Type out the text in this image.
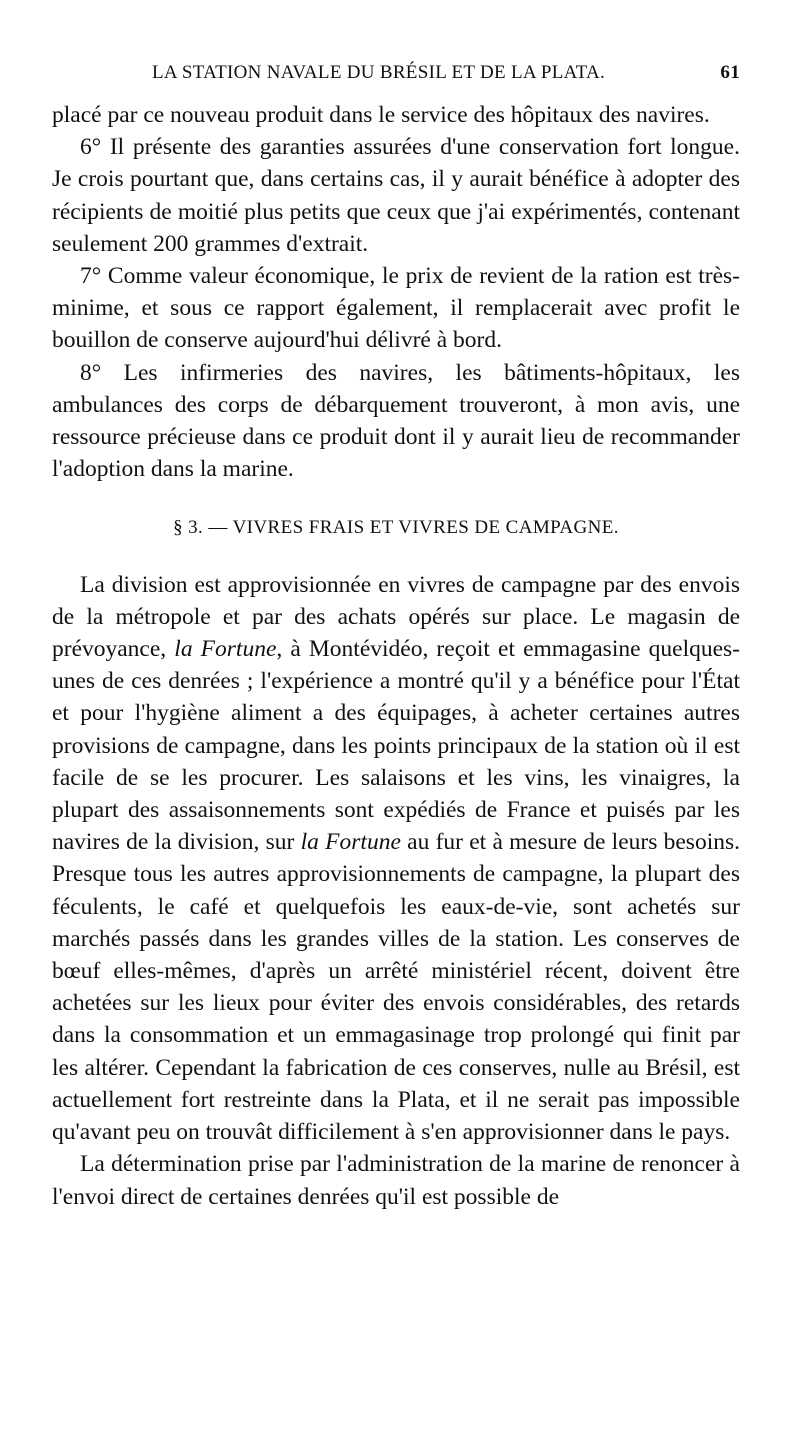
LA STATION NAVALE DU BRÉSIL ET DE LA PLATA.	61

placé par ce nouveau produit dans le service des hôpitaux des navires.

6° Il présente des garanties assurées d'une conservation fort longue. Je crois pourtant que, dans certains cas, il y aurait bénéfice à adopter des récipients de moitié plus petits que ceux que j'ai expérimentés, contenant seulement 200 grammes d'extrait.

7° Comme valeur économique, le prix de revient de la ration est très-minime, et sous ce rapport également, il remplacerait avec profit le bouillon de conserve aujourd'hui délivré à bord.

8° Les infirmeries des navires, les bâtiments-hôpitaux, les ambulances des corps de débarquement trouveront, à mon avis, une ressource précieuse dans ce produit dont il y aurait lieu de recommander l'adoption dans la marine.

§ 3. — VIVRES FRAIS ET VIVRES DE CAMPAGNE.

La division est approvisionnée en vivres de campagne par des envois de la métropole et par des achats opérés sur place. Le magasin de prévoyance, la Fortune, à Montévidéo, reçoit et emmagasine quelques-unes de ces denrées ; l'expérience a montré qu'il y a bénéfice pour l'État et pour l'hygiène aliment a des équipages, à acheter certaines autres provisions de campagne, dans les points principaux de la station où il est facile de se les procurer. Les salaisons et les vins, les vinaigres, la plupart des assaisonnements sont expédiés de France et puisés par les navires de la division, sur la Fortune au fur et à mesure de leurs besoins. Presque tous les autres approvisionnements de campagne, la plupart des féculents, le café et quelquefois les eaux-de-vie, sont achetés sur marchés passés dans les grandes villes de la station. Les conserves de bœuf elles-mêmes, d'après un arrêté ministériel récent, doivent être achetées sur les lieux pour éviter des envois considérables, des retards dans la consommation et un emmagasinage trop prolongé qui finit par les altérer. Cependant la fabrication de ces conserves, nulle au Brésil, est actuellement fort restreinte dans la Plata, et il ne serait pas impossible qu'avant peu on trouvât difficilement à s'en approvisionner dans le pays.

La détermination prise par l'administration de la marine de renoncer à l'envoi direct de certaines denrées qu'il est possible de
